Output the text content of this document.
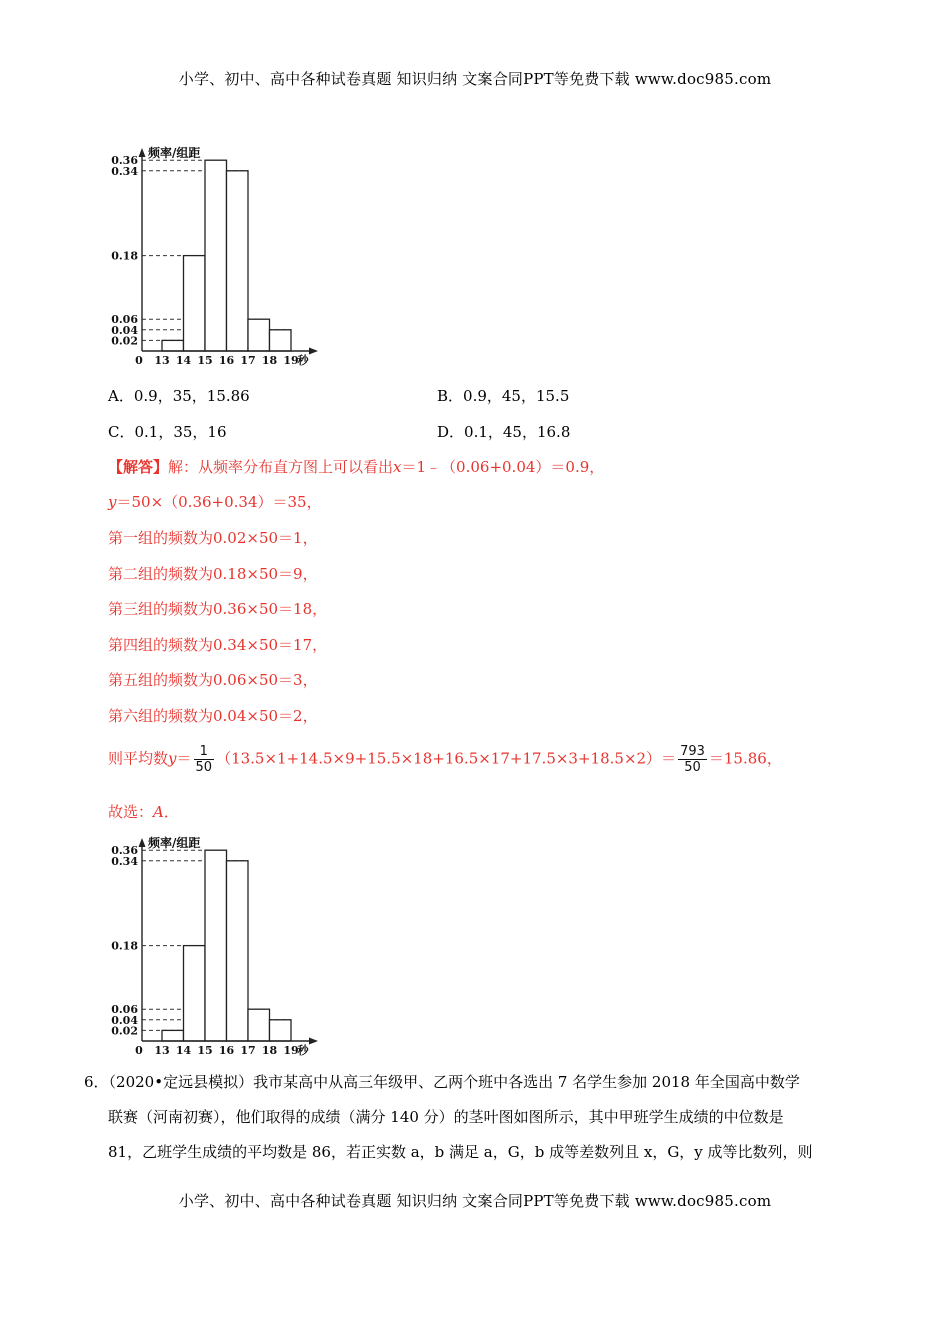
小学、初中、高中各种试卷真题 知识归纳 文案合同PPT等免费下载 www.doc985.com
0.02
0.04
0.06
0.18
0.34
0.36
频率/组距
0 13 14 15 16 17 18 19
秒
A．0.9，35，15.86	B．0.9，45，15.5
C．0.1，35，16	D．0.1，45，16.8
【解答】解：从频率分布直方图上可以看出x＝1﹣（0.06+0.04）＝0.9，
y＝50×（0.36+0.34）＝35，
第一组的频数为0.02×50＝1，
第二组的频数为0.18×50＝9，
第三组的频数为0.36×50＝18，
第四组的频数为0.34×50＝17，
第五组的频数为0.06×50＝3，
第六组的频数为0.04×50＝2，
则平均数$y= \frac{1}{50} (13.5\times 1+14.5\times 9+15.5\times 18+16.5\times 17+17.5\times 3+18.5\times 2)= \frac{793}{50} =15.86$，
故选：A．
0.02
0.04
0.06
0.18
0.34
0.36
频率/组距
0 13 14 15 16 17 18 19
秒
6．（2020•定远县模拟）我市某高中从高三年级甲、乙两个班中各选出 7 名学生参加 2018 年全国高中数学
联赛（河南初赛），他们取得的成绩（满分 140 分）的茎叶图如图所示，其中甲班学生成绩的中位数是
81，乙班学生成绩的平均数是 86，若正实数 a，b 满足 a，G，b 成等差数列且 x，G，y 成等比数列，则
小学、初中、高中各种试卷真题 知识归纳 文案合同PPT等免费下载 www.doc985.com
